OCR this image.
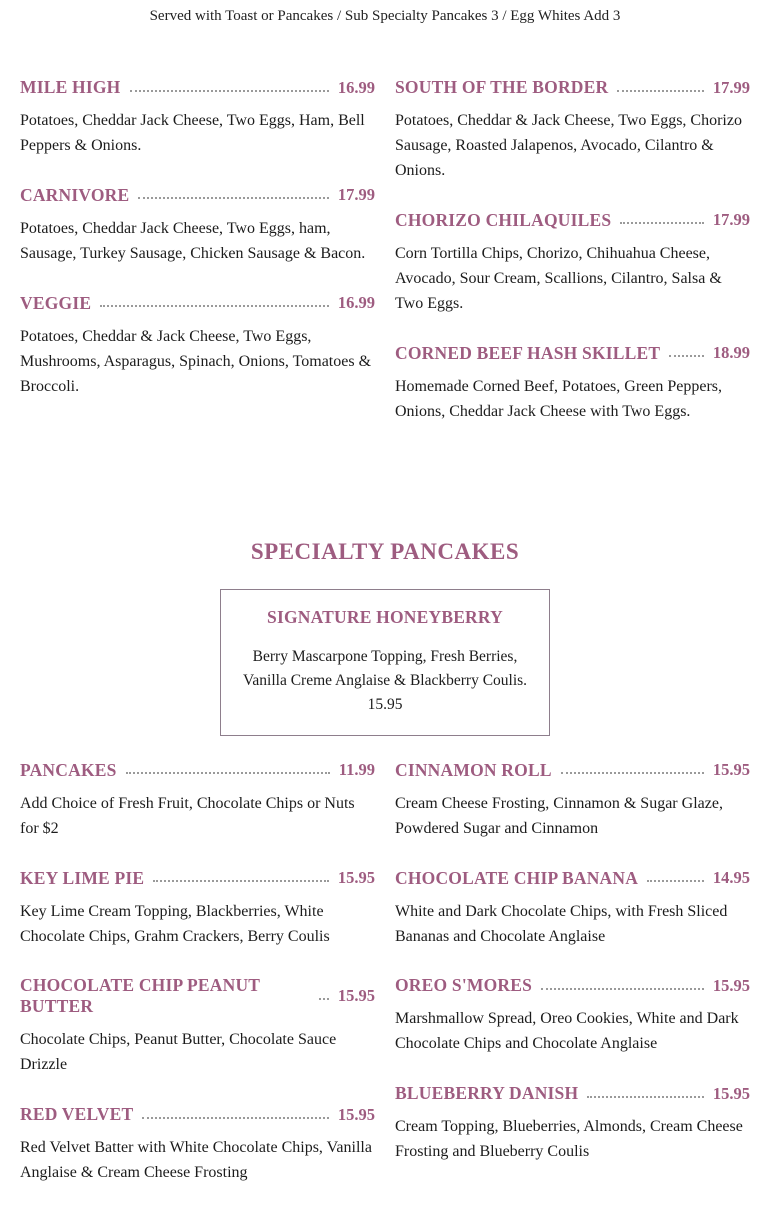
Served with Toast or Pancakes / Sub Specialty Pancakes 3 / Egg Whites Add 3
MILE HIGH	16.99

Potatoes, Cheddar Jack Cheese, Two Eggs, Ham, Bell Peppers & Onions.

CARNIVORE	17.99

Potatoes, Cheddar Jack Cheese, Two Eggs, ham, Sausage, Turkey Sausage, Chicken Sausage & Bacon.

VEGGIE	16.99

Potatoes, Cheddar & Jack Cheese, Two Eggs, Mushrooms, Asparagus, Spinach, Onions, Tomatoes & Broccoli.

SOUTH OF THE BORDER	17.99

Potatoes, Cheddar & Jack Cheese, Two Eggs, Chorizo Sausage, Roasted Jalapenos, Avocado, Cilantro & Onions.

CHORIZO CHILAQUILES	17.99

Corn Tortilla Chips, Chorizo, Chihuahua Cheese, Avocado, Sour Cream, Scallions, Cilantro, Salsa & Two Eggs.

CORNED BEEF HASH SKILLET	18.99

Homemade Corned Beef, Potatoes, Green Peppers, Onions, Cheddar Jack Cheese with Two Eggs.

SPECIALTY PANCAKES
SIGNATURE HONEYBERRY

Berry Mascarpone Topping, Fresh Berries, Vanilla Creme Anglaise & Blackberry Coulis.

15.95
PANCAKES	11.99

Add Choice of Fresh Fruit, Chocolate Chips or Nuts for $2

KEY LIME PIE	15.95

Key Lime Cream Topping, Blackberries, White Chocolate Chips, Grahm Crackers, Berry Coulis

CHOCOLATE CHIP PEANUT BUTTER
15.95

Chocolate Chips, Peanut Butter, Chocolate Sauce Drizzle

RED VELVET	15.95

Red Velvet Batter with White Chocolate Chips, Vanilla Anglaise & Cream Cheese Frosting

CINNAMON ROLL	15.95

Cream Cheese Frosting, Cinnamon & Sugar Glaze, Powdered Sugar and Cinnamon

CHOCOLATE CHIP BANANA	14.95

White and Dark Chocolate Chips, with Fresh Sliced Bananas and Chocolate Anglaise

OREO S'MORES	15.95

Marshmallow Spread, Oreo Cookies, White and Dark Chocolate Chips and Chocolate Anglaise

BLUEBERRY DANISH	15.95

Cream Topping, Blueberries, Almonds, Cream Cheese Frosting and Blueberry Coulis
